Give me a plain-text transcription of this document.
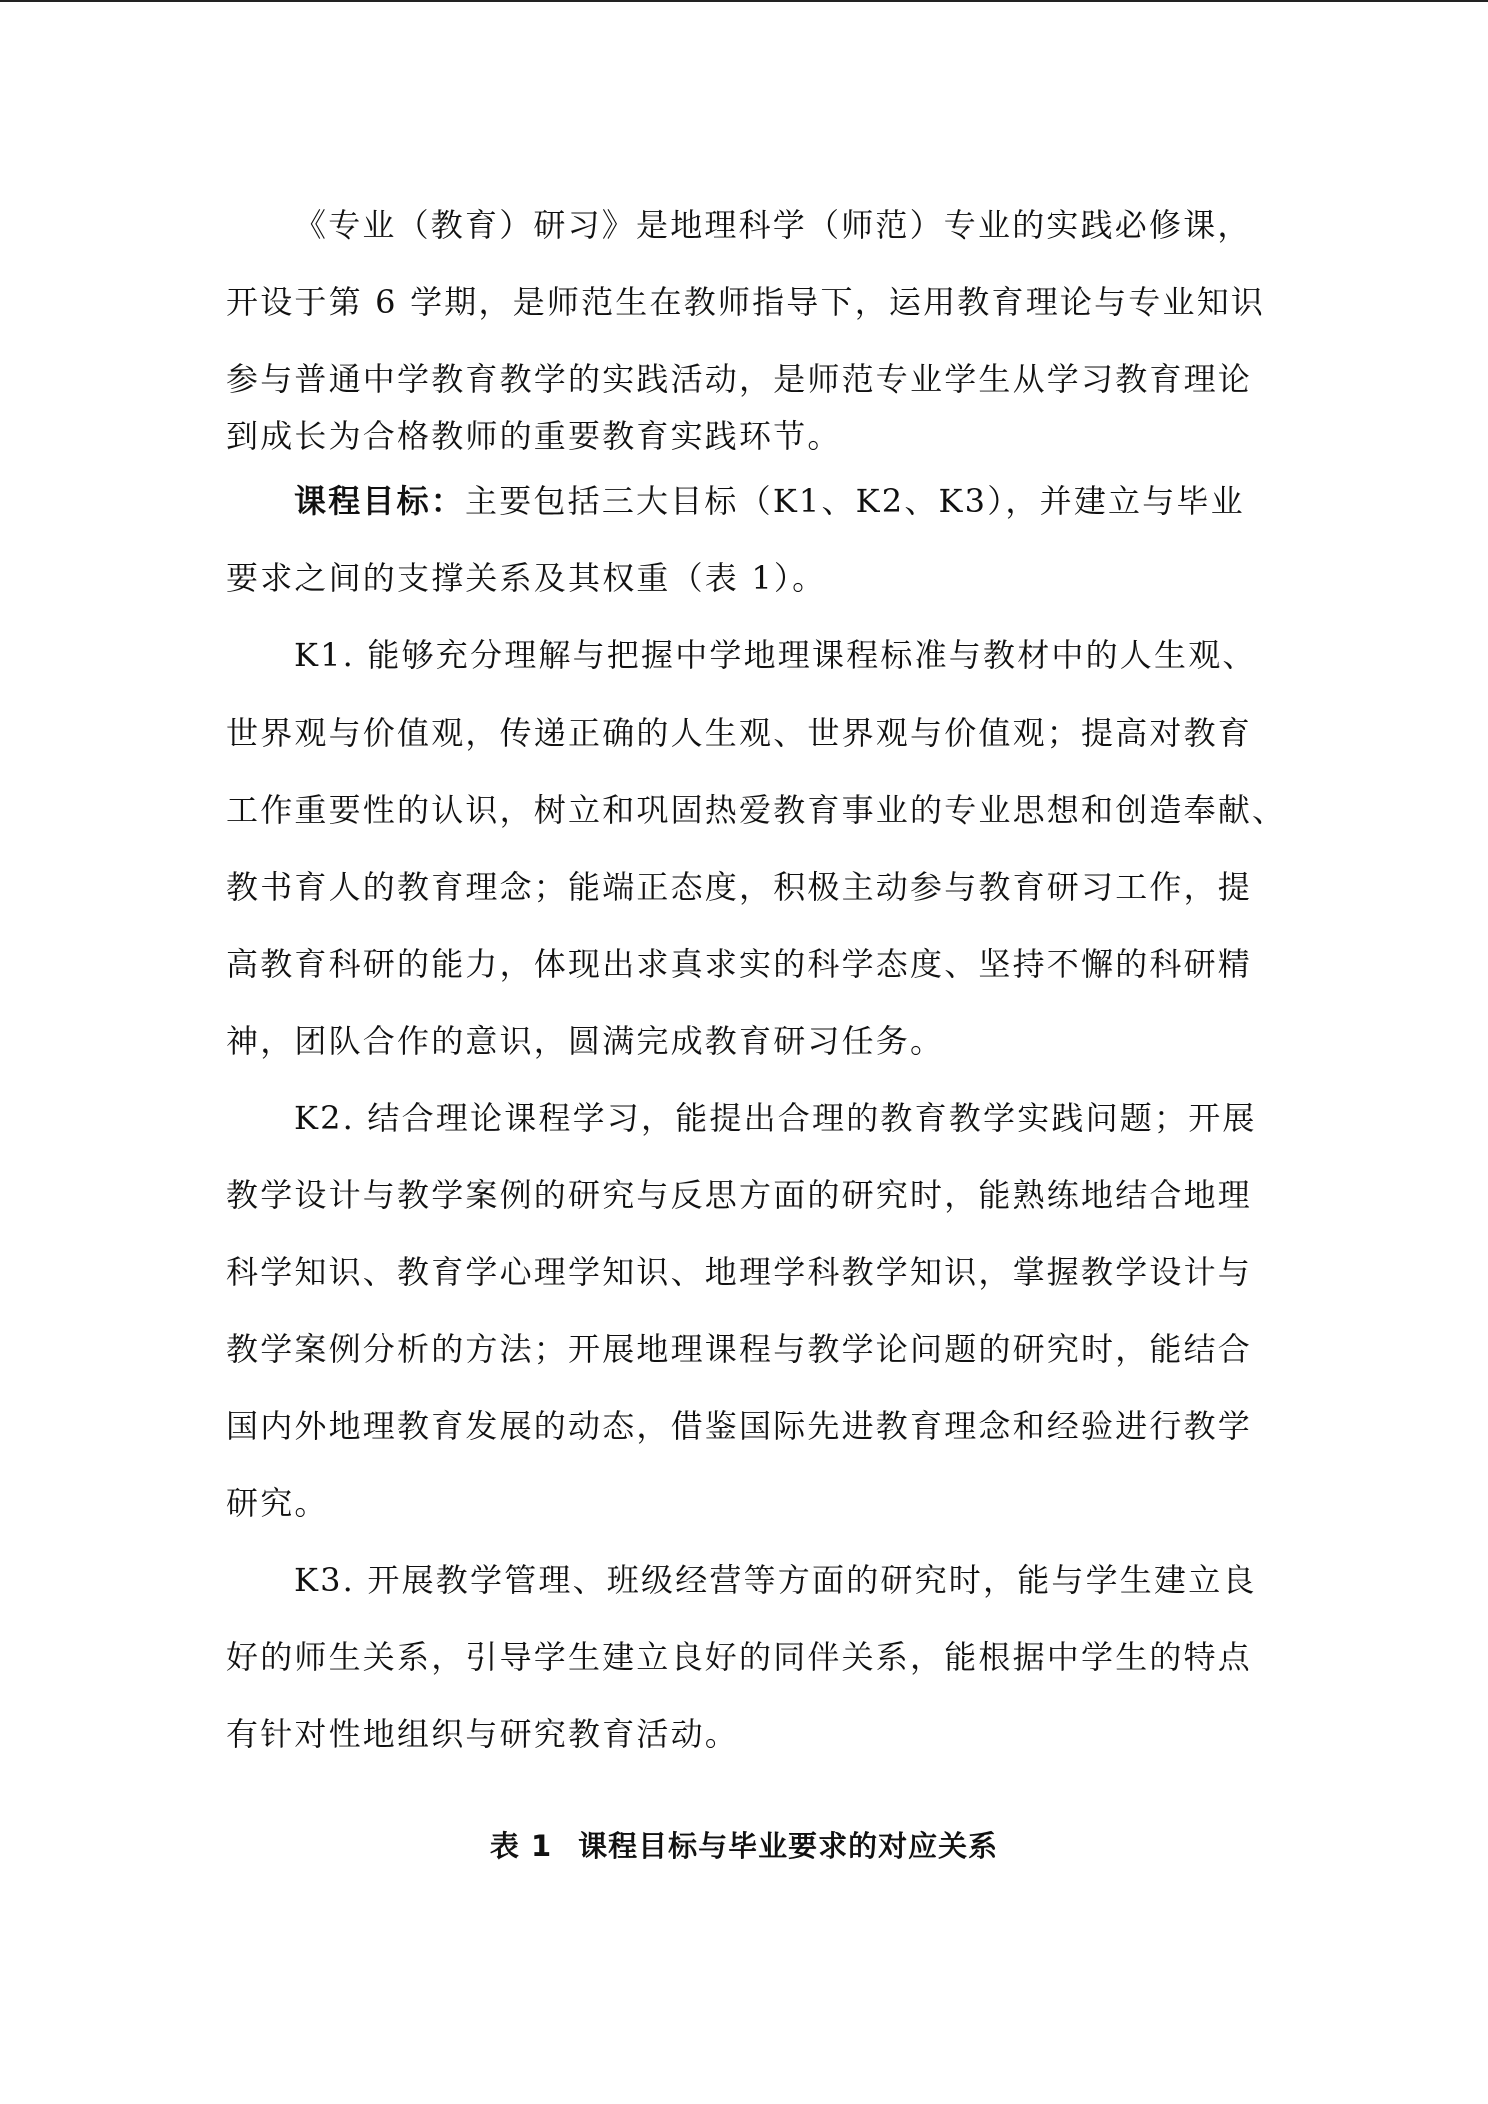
《专业（教育）研习》是地理科学（师范）专业的实践必修课，
开设于第 6 学期，是师范生在教师指导下，运用教育理论与专业知识
参与普通中学教育教学的实践活动，是师范专业学生从学习教育理论
到成长为合格教师的重要教育实践环节。
课程目标：主要包括三大目标（K1、K2、K3），并建立与毕业
要求之间的支撑关系及其权重（表 1）。
K1. 能够充分理解与把握中学地理课程标准与教材中的人生观、
世界观与价值观，传递正确的人生观、世界观与价值观；提高对教育
工作重要性的认识，树立和巩固热爱教育事业的专业思想和创造奉献、
教书育人的教育理念；能端正态度，积极主动参与教育研习工作，提
高教育科研的能力，体现出求真求实的科学态度、坚持不懈的科研精
神，团队合作的意识，圆满完成教育研习任务。
K2. 结合理论课程学习，能提出合理的教育教学实践问题；开展
教学设计与教学案例的研究与反思方面的研究时，能熟练地结合地理
科学知识、教育学心理学知识、地理学科教学知识，掌握教学设计与
教学案例分析的方法；开展地理课程与教学论问题的研究时，能结合
国内外地理教育发展的动态，借鉴国际先进教育理念和经验进行教学
研究。
K3. 开展教学管理、班级经营等方面的研究时，能与学生建立良
好的师生关系，引导学生建立良好的同伴关系，能根据中学生的特点
有针对性地组织与研究教育活动。
表 1 课程目标与毕业要求的对应关系
